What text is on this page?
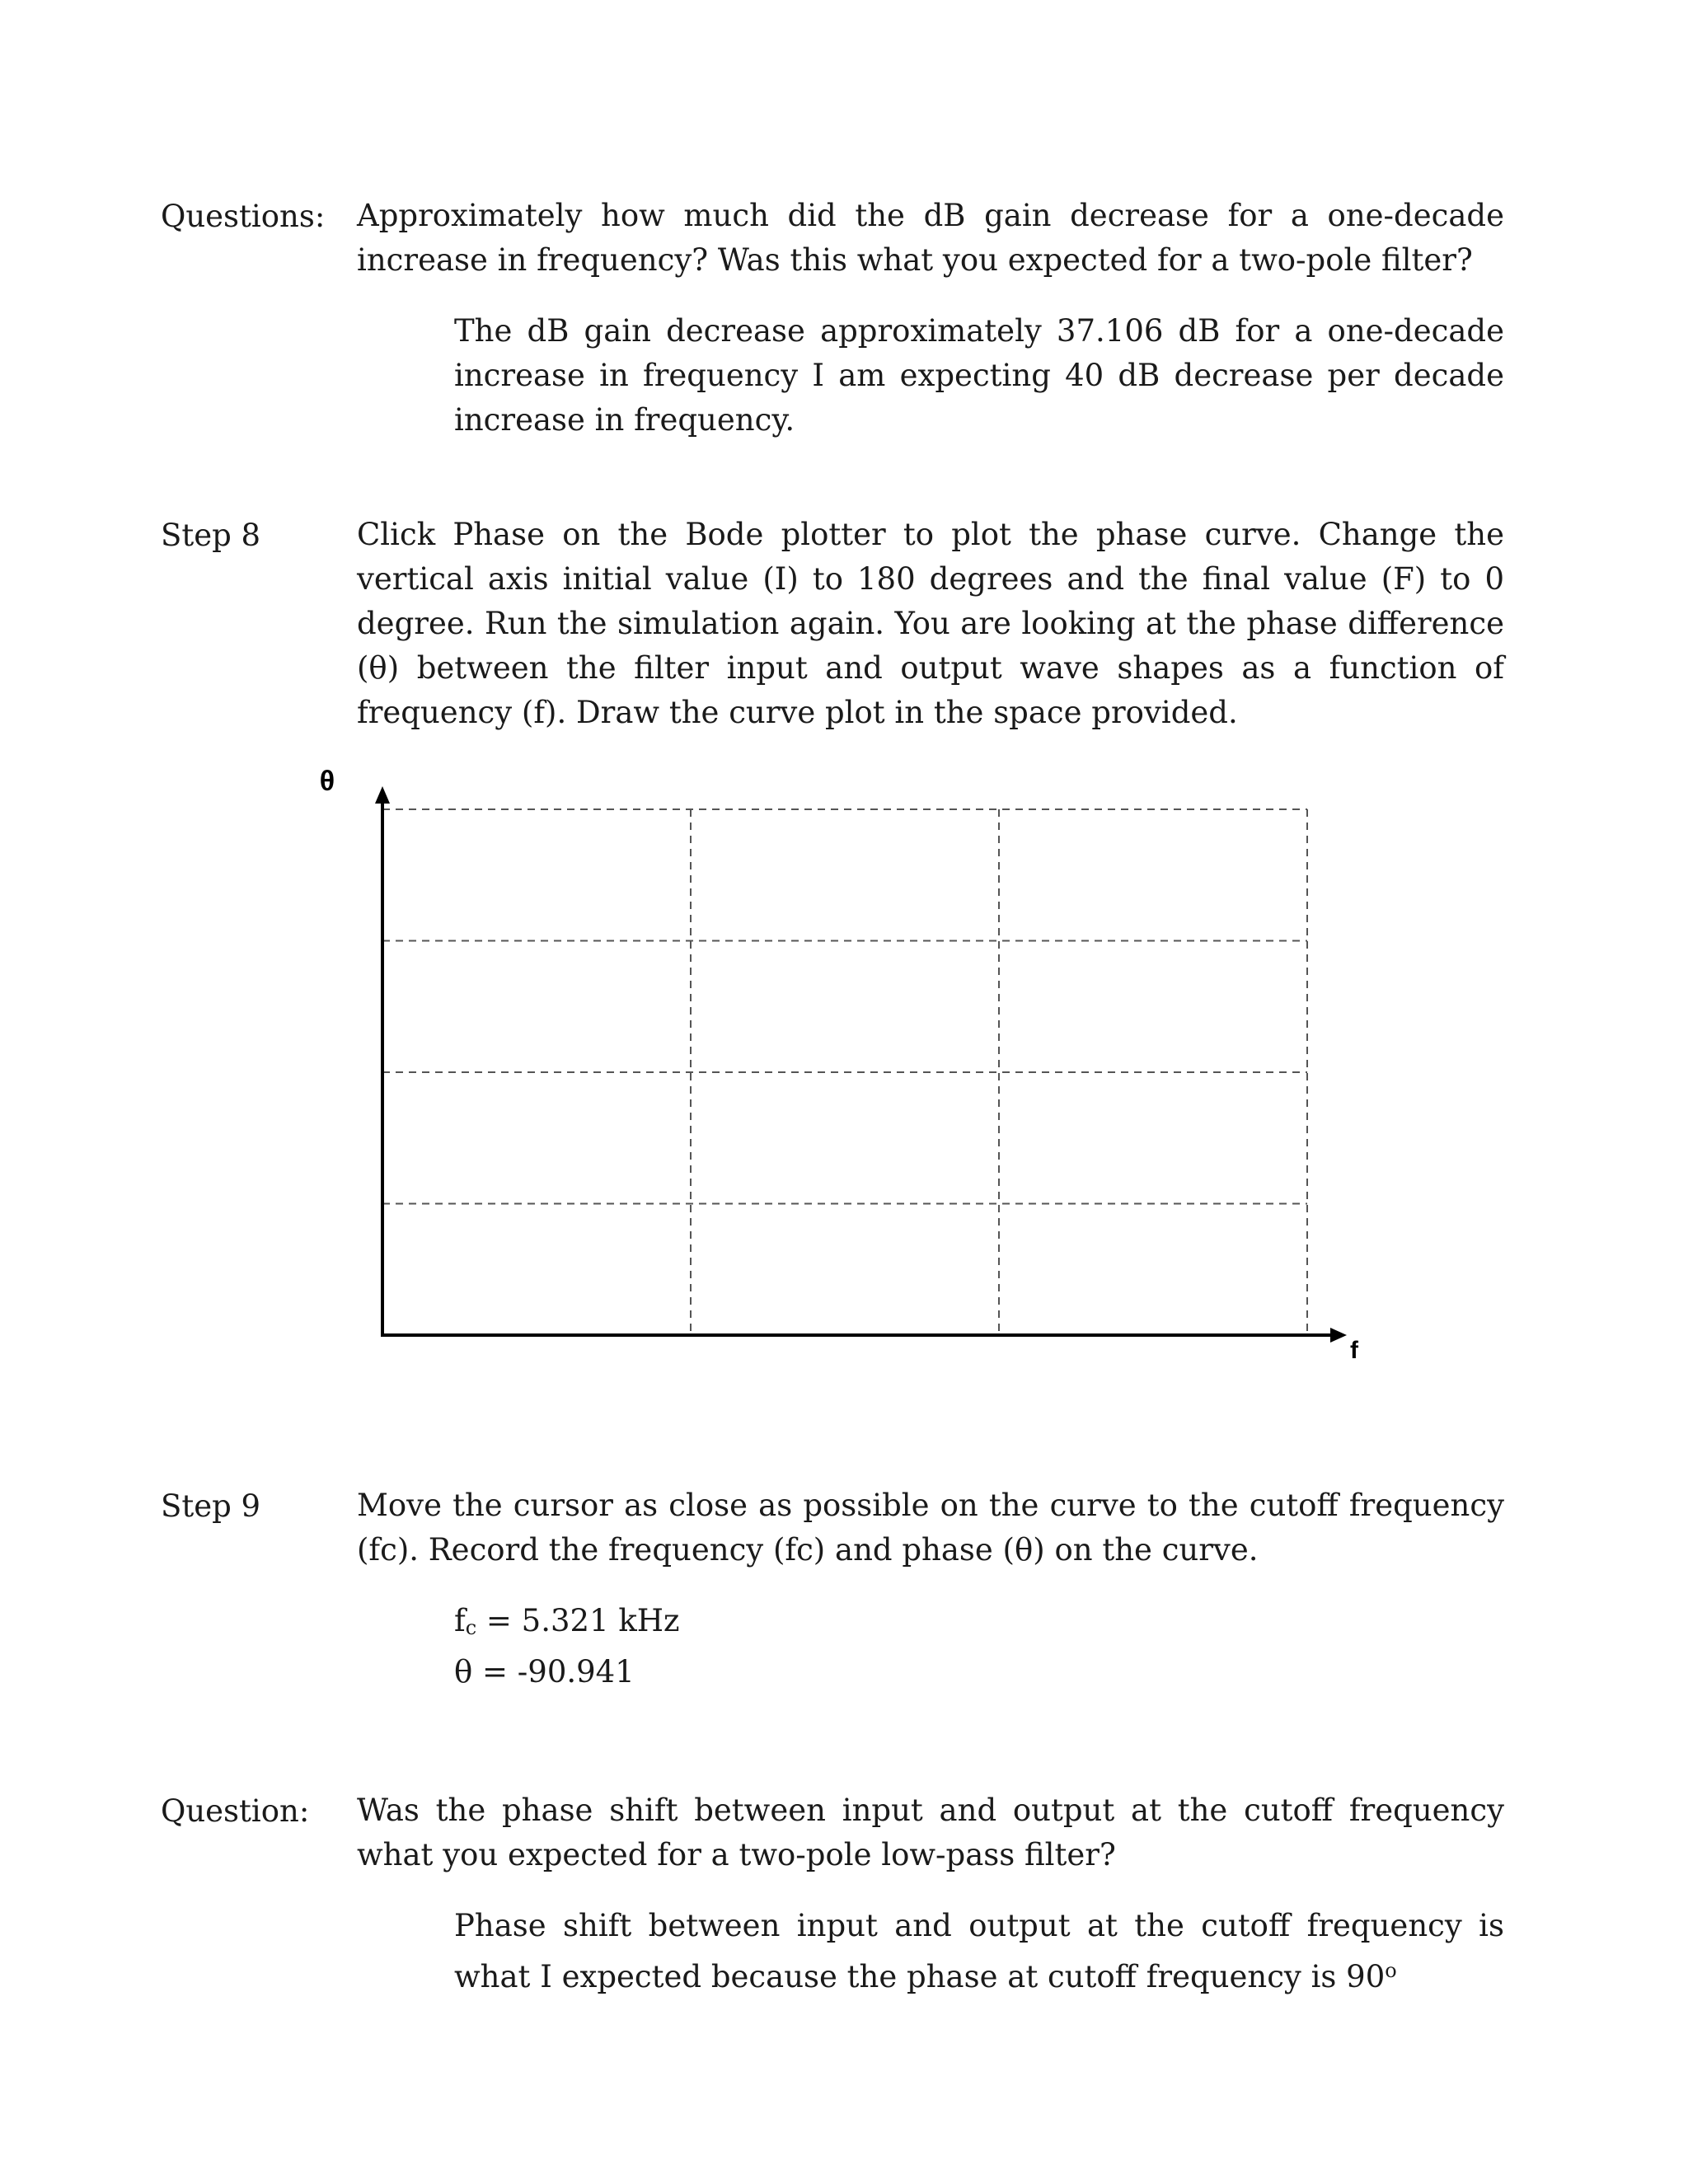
Questions:	Approximately how much did the dB gain decrease for a one-decade increase in frequency? Was this what you expected for a two-pole filter?
The dB gain decrease approximately 37.106 dB for a one-decade increase in frequency I am expecting 40 dB decrease per decade increase in frequency.
Step 8	Click Phase on the Bode plotter to plot the phase curve. Change the vertical axis initial value (I) to 180 degrees and the final value (F) to 0 degree. Run the simulation again. You are looking at the phase difference (θ) between the filter input and output wave shapes as a function of frequency (f). Draw the curve plot in the space provided.
θ
f
Step 9	Move the cursor as close as possible on the curve to the cutoff frequency (fc). Record the frequency (fc) and phase (θ) on the curve.
$f_c = 5.321$ kHz
θ = -90.941
Question:	Was the phase shift between input and output at the cutoff frequency what you expected for a two-pole low-pass filter?
Phase shift between input and output at the cutoff frequency is what I expected because the phase at cutoff frequency is 90$^o$
